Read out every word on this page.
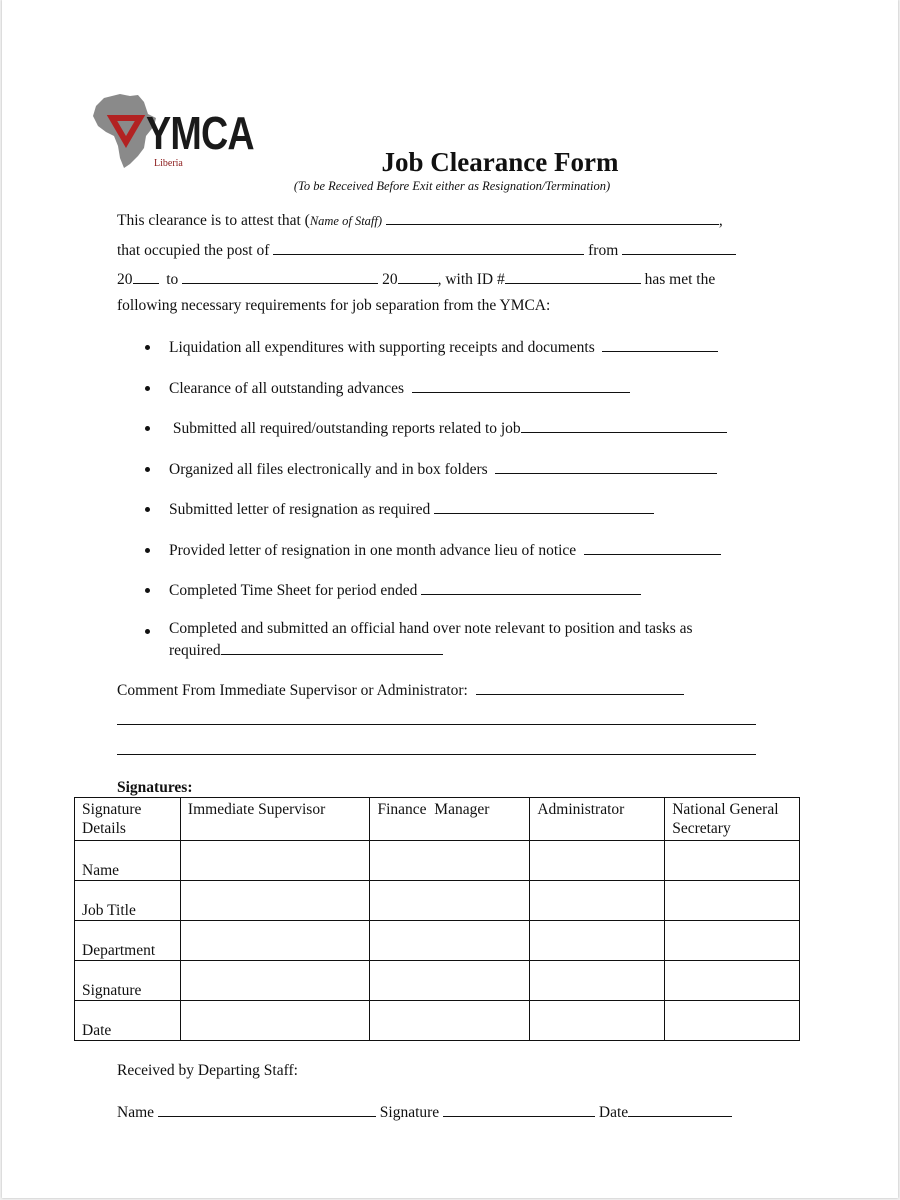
YMCA
Liberia	Job Clearance Form
(To be Received Before Exit either as Resignation/Termination)
This clearance is to attest that (Name of Staff)	,
that occupied the post of	from
20 to	20	, with ID #	has met the
following necessary requirements for job separation from the YMCA:
Liquidation all expenditures with supporting receipts and documents
Clearance of all outstanding advances
Submitted all required/outstanding reports related to job
Organized all files electronically and in box folders
Submitted letter of resignation as required
Provided letter of resignation in one month advance lieu of notice
Completed Time Sheet for period ended
Completed and submitted an official hand over note relevant to position and tasks as
required
Comment From Immediate Supervisor or Administrator:
Signatures:
Signature Details	Immediate Supervisor	Finance  Manager	Administrator	National General Secretary
Name				
Job Title				
Department				
Signature				
Date				
Received by Departing Staff:
Name	Signature	Date
